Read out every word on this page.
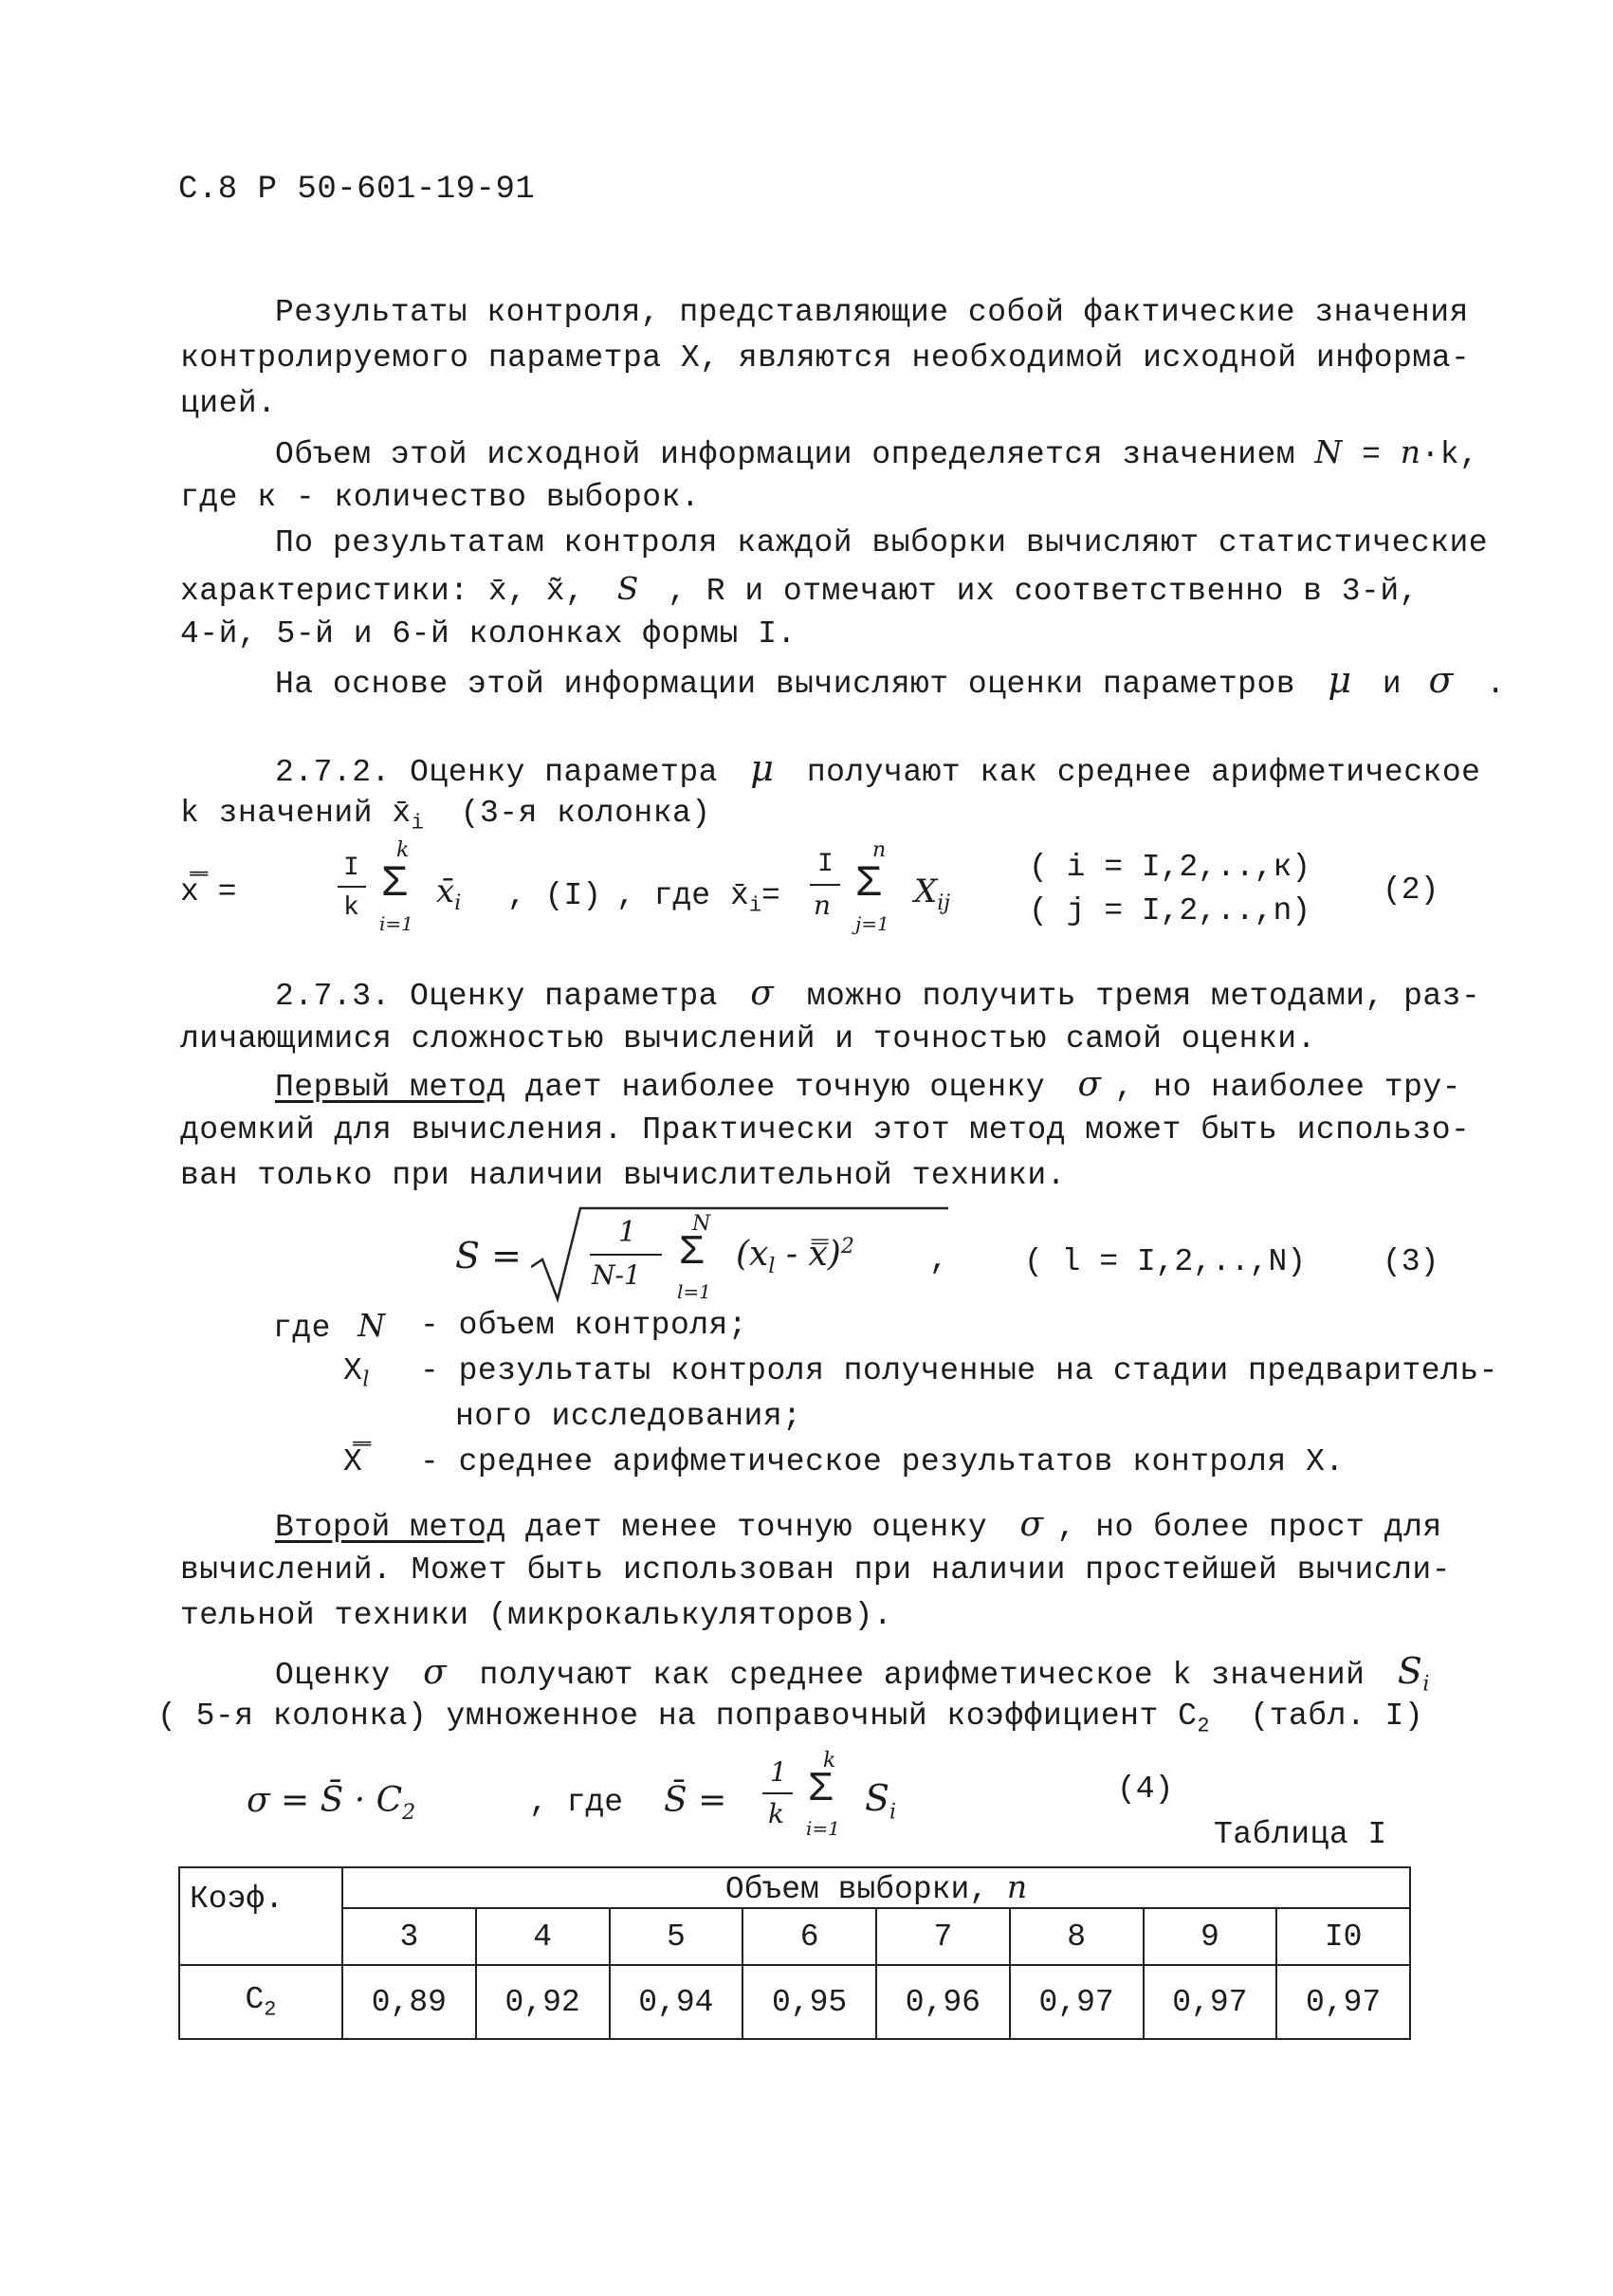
С.8 Р 50-601-19-91
Результаты контроля, представляющие собой фактические значения
контролируемого параметра X, являются необходимой исходной информа-
цией.
Объем этой исходной информации определяется значением N = n·k,
где к - количество выборок.
По результатам контроля каждой выборки вычисляют статистические
характеристики: x̄, x̃, S , R и отмечают их соответственно в 3-й,
4-й, 5-й и 6-й колонках формы I.
На основе этой информации вычисляют оценки параметров μ и σ .
2.7.2. Оценку параметра μ получают как среднее арифметическое
k значений $x̄_i$ (3-я колонка)
x̿ =
I
k
k
Σ
i=1
$x̄_i$ , (I) , где $x̄_i=$
I
n
n
Σ
j=1
$X_{ij}$
( i = I,2,..,к)
( j = I,2,..,n)
(2)
2.7.3. Оценку параметра σ можно получить тремя методами, раз-
личающимися сложностью вычислений и точностью самой оценки.
Первый метод дает наиболее точную оценку σ , но наиболее тру-
доемкий для вычисления. Практически этот метод может быть использо-
ван только при наличии вычислительной техники.
S =
1
N-1
N
Σ
l=1
($x_l$ - x̿)$^2$ , ( l = I,2,..,N) (3)
где N - объем контроля;
$X_l$ - результаты контроля полученные на стадии предваритель-
ного исследования;
X̿ - среднее арифметическое результатов контроля X.
Второй метод дает менее точную оценку σ , но более прост для
вычислений. Может быть использован при наличии простейшей вычисли-
тельной техники (микрокалькуляторов).
Оценку σ получают как среднее арифметическое k значений $S_i$
( 5-я колонка) умноженное на поправочный коэффициент $С_2$ (табл. I)
σ = S̄ · $C_2$	, где S̄ =
1
k
k
Σ
i=1
$S_i$
(4)
Таблица I
Коэф.	Объем выборки, n							
	3	4	5	6	7	8	9	I0
$С_2$	0,89	0,92	0,94	0,95	0,96	0,97	0,97	0,97
